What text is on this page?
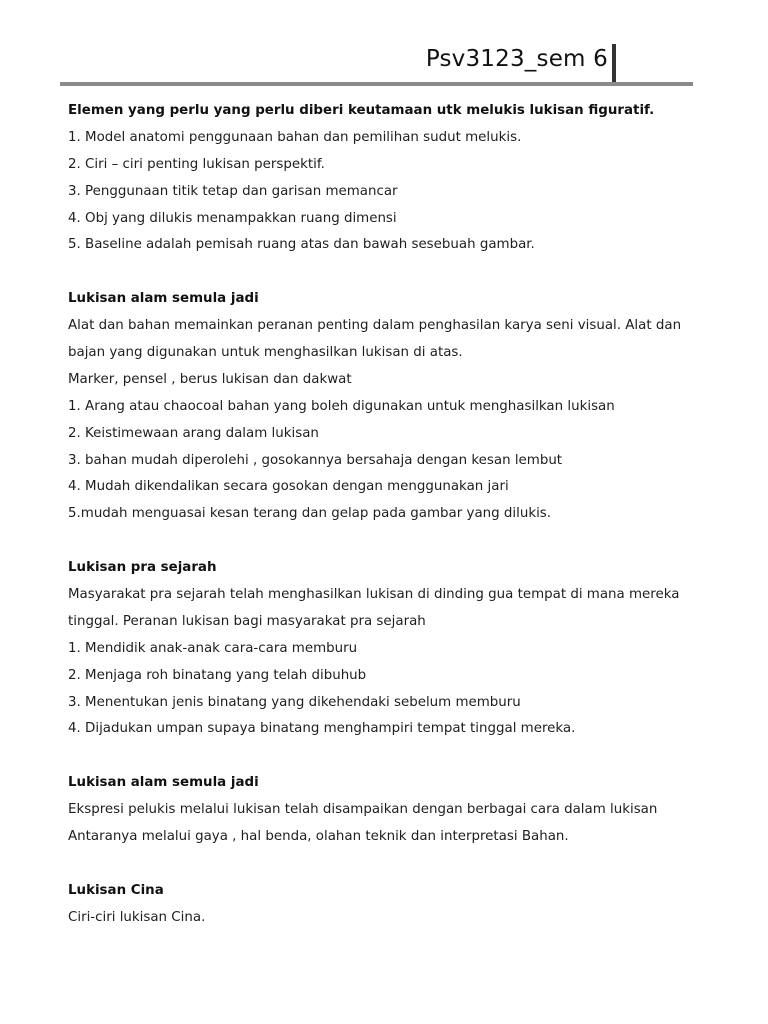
Psv3123_sem 6
Elemen yang perlu yang perlu diberi keutamaan utk melukis lukisan figuratif.
1. Model anatomi penggunaan bahan dan pemilihan sudut melukis.
2. Ciri – ciri penting lukisan perspektif.
3. Penggunaan titik tetap dan garisan memancar
4. Obj yang dilukis menampakkan ruang dimensi
5. Baseline adalah pemisah ruang atas dan bawah sesebuah gambar.
Lukisan alam semula jadi
Alat dan bahan memainkan peranan penting dalam penghasilan karya seni visual. Alat dan
bajan yang digunakan untuk menghasilkan lukisan di atas.
Marker, pensel , berus lukisan dan dakwat
1. Arang atau chaocoal bahan yang boleh digunakan untuk menghasilkan lukisan
2. Keistimewaan arang dalam lukisan
3. bahan mudah diperolehi , gosokannya bersahaja dengan kesan lembut
4. Mudah dikendalikan secara gosokan dengan menggunakan jari
5.mudah menguasai kesan terang dan gelap pada gambar yang dilukis.
Lukisan pra sejarah
Masyarakat pra sejarah telah menghasilkan lukisan di dinding gua tempat di mana mereka
tinggal. Peranan lukisan bagi masyarakat pra sejarah
1. Mendidik anak-anak cara-cara memburu
2. Menjaga roh binatang yang telah dibuhub
3. Menentukan jenis binatang yang dikehendaki sebelum memburu
4. Dijadukan umpan supaya binatang menghampiri tempat tinggal mereka.
Lukisan alam semula jadi
Ekspresi pelukis melalui lukisan telah disampaikan dengan berbagai cara dalam lukisan
Antaranya melalui gaya , hal benda, olahan teknik dan interpretasi Bahan.
Lukisan Cina
Ciri-ciri lukisan Cina.
